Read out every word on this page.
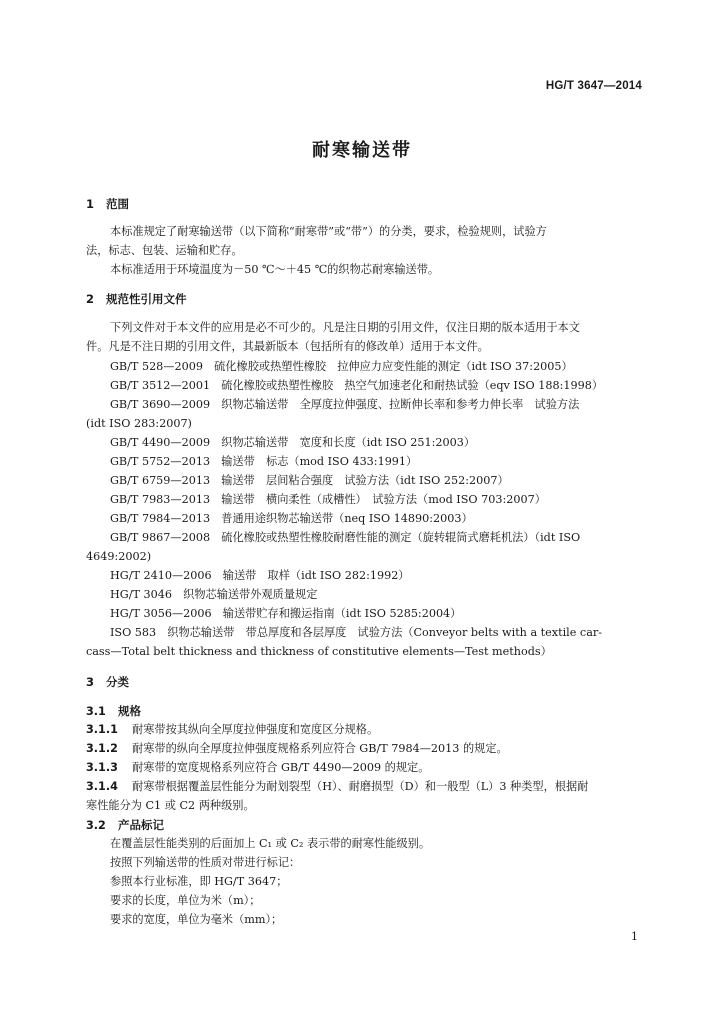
HG/T 3647—2014
耐寒输送带
1 范围
本标准规定了耐寒输送带（以下简称“耐寒带”或“带”）的分类，要求，检验规则，试验方
法，标志、包装、运输和贮存。
本标准适用于环境温度为－50 ℃～＋45 ℃的织物芯耐寒输送带。
2 规范性引用文件
下列文件对于本文件的应用是必不可少的。凡是注日期的引用文件，仅注日期的版本适用于本文
件。凡是不注日期的引用文件，其最新版本（包括所有的修改单）适用于本文件。
GB/T 528—2009　硫化橡胶或热塑性橡胶　拉伸应力应变性能的测定（idt ISO 37:2005）
GB/T 3512—2001　硫化橡胶或热塑性橡胶　热空气加速老化和耐热试验（eqv ISO 188:1998）
GB/T 3690—2009　织物芯输送带　全厚度拉伸强度、拉断伸长率和参考力伸长率　试验方法
(idt ISO 283:2007)
GB/T 4490—2009　织物芯输送带　宽度和长度（idt ISO 251:2003）
GB/T 5752—2013　输送带　标志（mod ISO 433:1991）
GB/T 6759—2013　输送带　层间粘合强度　试验方法（idt ISO 252:2007）
GB/T 7983—2013　输送带　横向柔性（成槽性）　试验方法（mod ISO 703:2007）
GB/T 7984—2013　普通用途织物芯输送带（neq ISO 14890:2003）
GB/T 9867—2008　硫化橡胶或热塑性橡胶耐磨性能的测定（旋转辊筒式磨耗机法）（idt ISO
4649:2002)
HG/T 2410—2006　输送带　取样（idt ISO 282:1992）
HG/T 3046　织物芯输送带外观质量规定
HG/T 3056—2006　输送带贮存和搬运指南（idt ISO 5285:2004）
ISO 583　织物芯输送带　带总厚度和各层厚度　试验方法（Conveyor belts with a textile car-
cass—Total belt thickness and thickness of constitutive elements—Test methods）
3 分类
3.1 规格
3.1.1 耐寒带按其纵向全厚度拉伸强度和宽度区分规格。
3.1.2 耐寒带的纵向全厚度拉伸强度规格系列应符合 GB/T 7984—2013 的规定。
3.1.3 耐寒带的宽度规格系列应符合 GB/T 4490—2009 的规定。
3.1.4 耐寒带根据覆盖层性能分为耐划裂型（H）、耐磨损型（D）和一般型（L）3 种类型，根据耐
寒性能分为 C1 或 C2 两种级别。
3.2 产品标记
在覆盖层性能类别的后面加上 C₁ 或 C₂ 表示带的耐寒性能级别。
按照下列输送带的性质对带进行标记：
参照本行业标准，即 HG/T 3647；
要求的长度，单位为米（m）；
要求的宽度，单位为毫米（mm）；
1
